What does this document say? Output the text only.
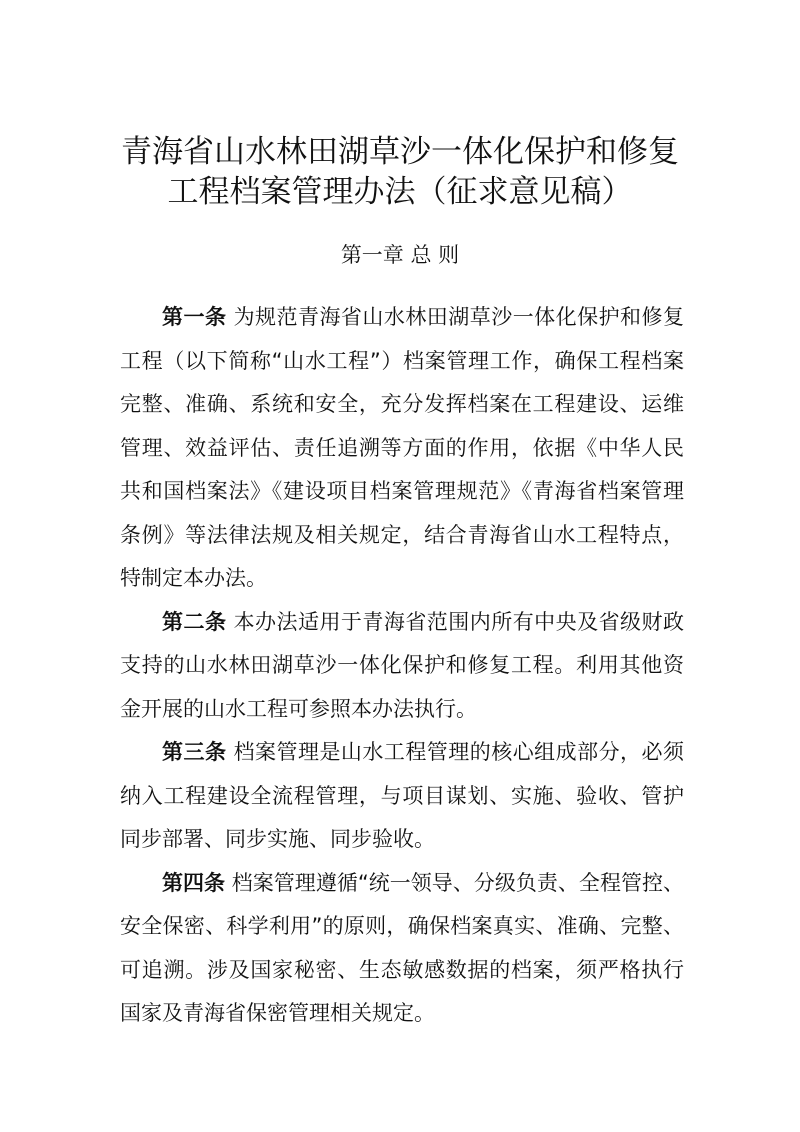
青海省山水林田湖草沙一体化保护和修复
工程档案管理办法（征求意见稿）
第一章 总 则

第一条 为规范青海省山水林田湖草沙一体化保护和修复工程（以下简称“山水工程”）档案管理工作，确保工程档案完整、准确、系统和安全，充分发挥档案在工程建设、运维管理、效益评估、责任追溯等方面的作用，依据《中华人民共和国档案法》《建设项目档案管理规范》《青海省档案管理条例》等法律法规及相关规定，结合青海省山水工程特点，特制定本办法。

第二条 本办法适用于青海省范围内所有中央及省级财政支持的山水林田湖草沙一体化保护和修复工程。利用其他资金开展的山水工程可参照本办法执行。

第三条 档案管理是山水工程管理的核心组成部分，必须纳入工程建设全流程管理，与项目谋划、实施、验收、管护同步部署、同步实施、同步验收。

第四条 档案管理遵循“统一领导、分级负责、全程管控、安全保密、科学利用”的原则，确保档案真实、准确、完整、可追溯。涉及国家秘密、生态敏感数据的档案，须严格执行国家及青海省保密管理相关规定。
